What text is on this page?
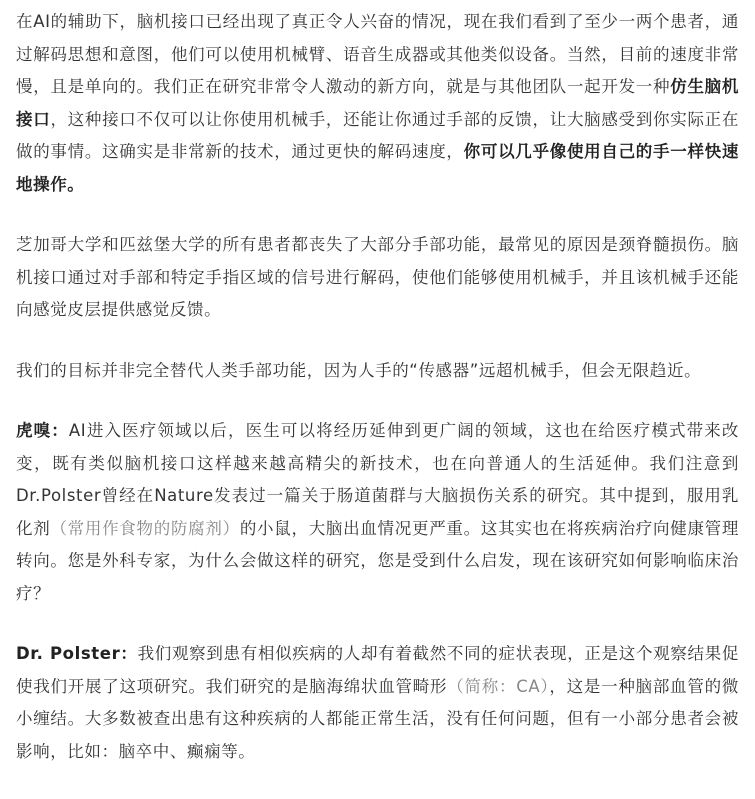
在AI的辅助下，脑机接口已经出现了真正令人兴奋的情况，现在我们看到了至少一两个患者，通过解码思想和意图，他们可以使用机械臂、语音生成器或其他类似设备。当然，目前的速度非常慢，且是单向的。我们正在研究非常令人激动的新方向，就是与其他团队一起开发一种仿生脑机接口，这种接口不仅可以让你使用机械手，还能让你通过手部的反馈，让大脑感受到你实际正在做的事情。这确实是非常新的技术，通过更快的解码速度，你可以几乎像使用自己的手一样快速地操作。

芝加哥大学和匹兹堡大学的所有患者都丧失了大部分手部功能，最常见的原因是颈脊髓损伤。脑机接口通过对手部和特定手指区域的信号进行解码，使他们能够使用机械手，并且该机械手还能向感觉皮层提供感觉反馈。

我们的目标并非完全替代人类手部功能，因为人手的“传感器”远超机械手，但会无限趋近。

虎嗅：AI进入医疗领域以后，医生可以将经历延伸到更广阔的领域，这也在给医疗模式带来改变，既有类似脑机接口这样越来越高精尖的新技术，也在向普通人的生活延伸。我们注意到Dr.Polster曾经在Nature发表过一篇关于肠道菌群与大脑损伤关系的研究。其中提到，服用乳化剂（常用作食物的防腐剂）的小鼠，大脑出血情况更严重。这其实也在将疾病治疗向健康管理转向。您是外科专家，为什么会做这样的研究，您是受到什么启发，现在该研究如何影响临床治疗？

Dr. Polster：我们观察到患有相似疾病的人却有着截然不同的症状表现，正是这个观察结果促使我们开展了这项研究。我们研究的是脑海绵状血管畸形（简称：CA），这是一种脑部血管的微小缠结。大多数被查出患有这种疾病的人都能正常生活，没有任何问题，但有一小部分患者会被影响，比如：脑卒中、癫痫等。
